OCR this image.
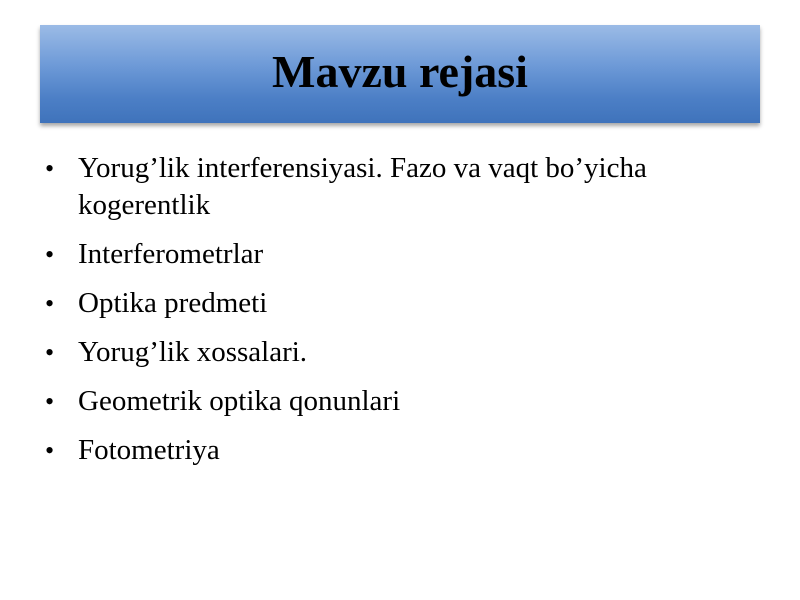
Mavzu rejasi
• Yorug’lik interferensiyasi. Fazo va vaqt bo’yicha kogerentlik
• Interferometrlar
• Optika predmeti
• Yorug’lik xossalari.
• Geometrik optika qonunlari
• Fotometriya
